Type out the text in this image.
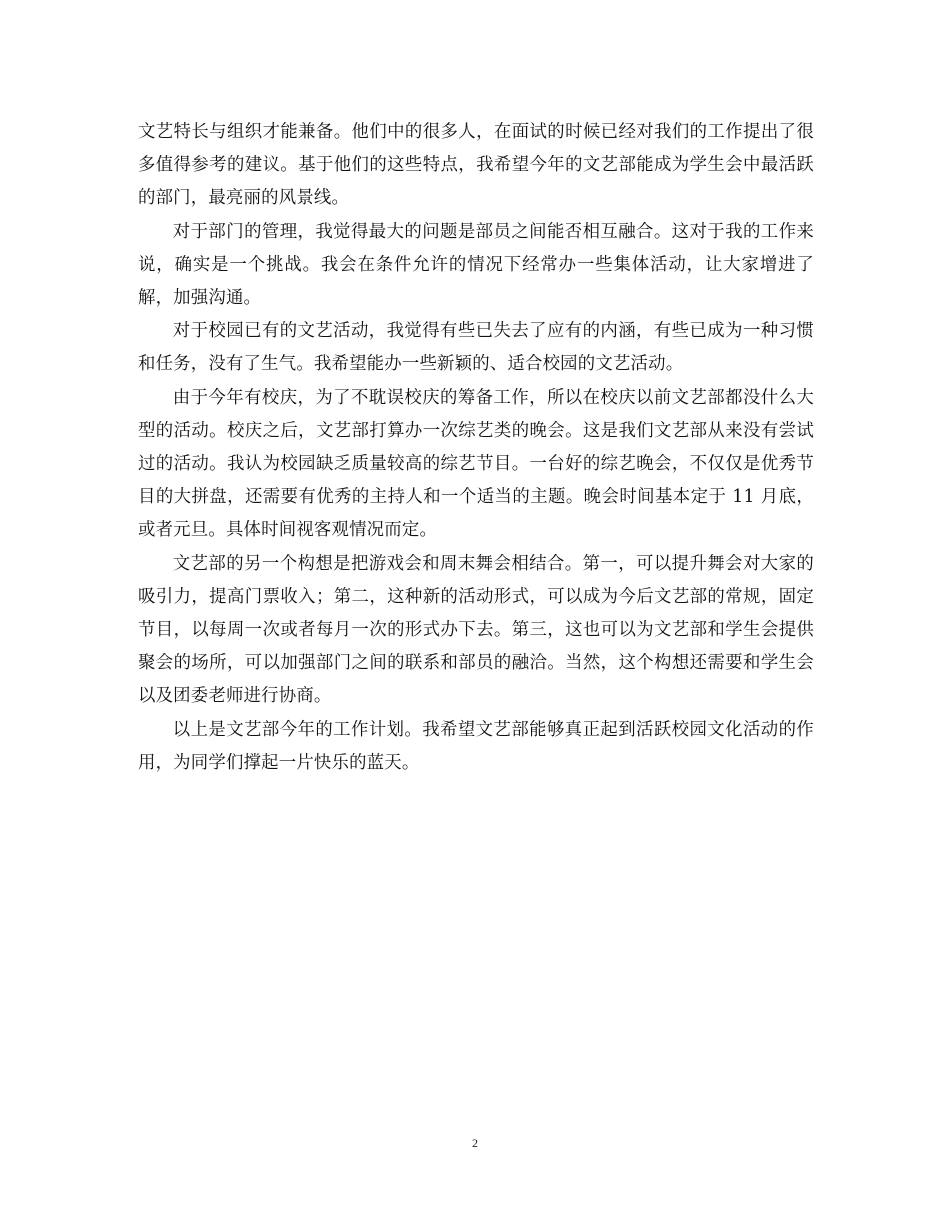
文艺特长与组织才能兼备。他们中的很多人，在面试的时候已经对我们的工作提出了很多值得参考的建议。基于他们的这些特点，我希望今年的文艺部能成为学生会中最活跃的部门，最亮丽的风景线。

对于部门的管理，我觉得最大的问题是部员之间能否相互融合。这对于我的工作来说，确实是一个挑战。我会在条件允许的情况下经常办一些集体活动，让大家增进了解，加强沟通。

对于校园已有的文艺活动，我觉得有些已失去了应有的内涵，有些已成为一种习惯和任务，没有了生气。我希望能办一些新颖的、适合校园的文艺活动。

由于今年有校庆，为了不耽误校庆的筹备工作，所以在校庆以前文艺部都没什么大型的活动。校庆之后，文艺部打算办一次综艺类的晚会。这是我们文艺部从来没有尝试过的活动。我认为校园缺乏质量较高的综艺节目。一台好的综艺晚会，不仅仅是优秀节目的大拼盘，还需要有优秀的主持人和一个适当的主题。晚会时间基本定于 11 月底，或者元旦。具体时间视客观情况而定。

文艺部的另一个构想是把游戏会和周末舞会相结合。第一，可以提升舞会对大家的吸引力，提高门票收入；第二，这种新的活动形式，可以成为今后文艺部的常规，固定节目，以每周一次或者每月一次的形式办下去。第三，这也可以为文艺部和学生会提供聚会的场所，可以加强部门之间的联系和部员的融洽。当然，这个构想还需要和学生会以及团委老师进行协商。

以上是文艺部今年的工作计划。我希望文艺部能够真正起到活跃校园文化活动的作用，为同学们撑起一片快乐的蓝天。

2
